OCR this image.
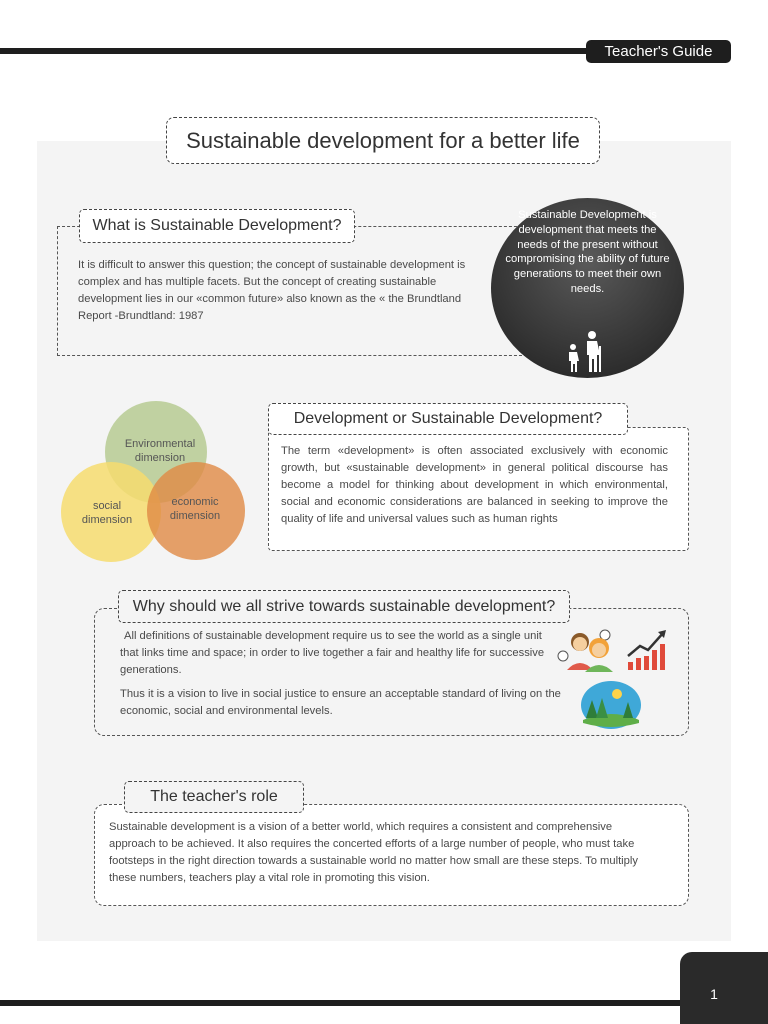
Teacher's Guide
Sustainable development for a better life
What is Sustainable Development?
It is difficult to answer this question; the concept of sustainable development is complex and has multiple facets. But the concept of creating sustainable development lies in our «common future» also known as the « the Brundtland Report -Brundtland: 1987
Sustainable Development is development that meets the needs of the present without compromising the ability of future generations to meet their own needs.
Environmental dimension
social dimension
economic dimension
Development or Sustainable Development?
The term «development» is often associated exclusively with economic growth, but «sustainable development» in general political discourse has become a model for thinking about development in which environmental, social and economic considerations are balanced in seeking to improve the quality of life and universal values such as human rights
Why should we all strive towards sustainable development?
All definitions of sustainable development require us to see the world as a single unit that links time and space; in order to live together a fair and healthy life for successive generations.
Thus it is a vision to live in social justice to ensure an acceptable standard of living on the economic, social and environmental levels.
The teacher's role
Sustainable development is a vision of a better world, which requires a consistent and comprehensive approach to be achieved. It also requires the concerted efforts of a large number of people, who must take footsteps in the right direction towards a sustainable world no matter how small are these steps. To multiply these numbers, teachers play a vital role in promoting this vision.
1
